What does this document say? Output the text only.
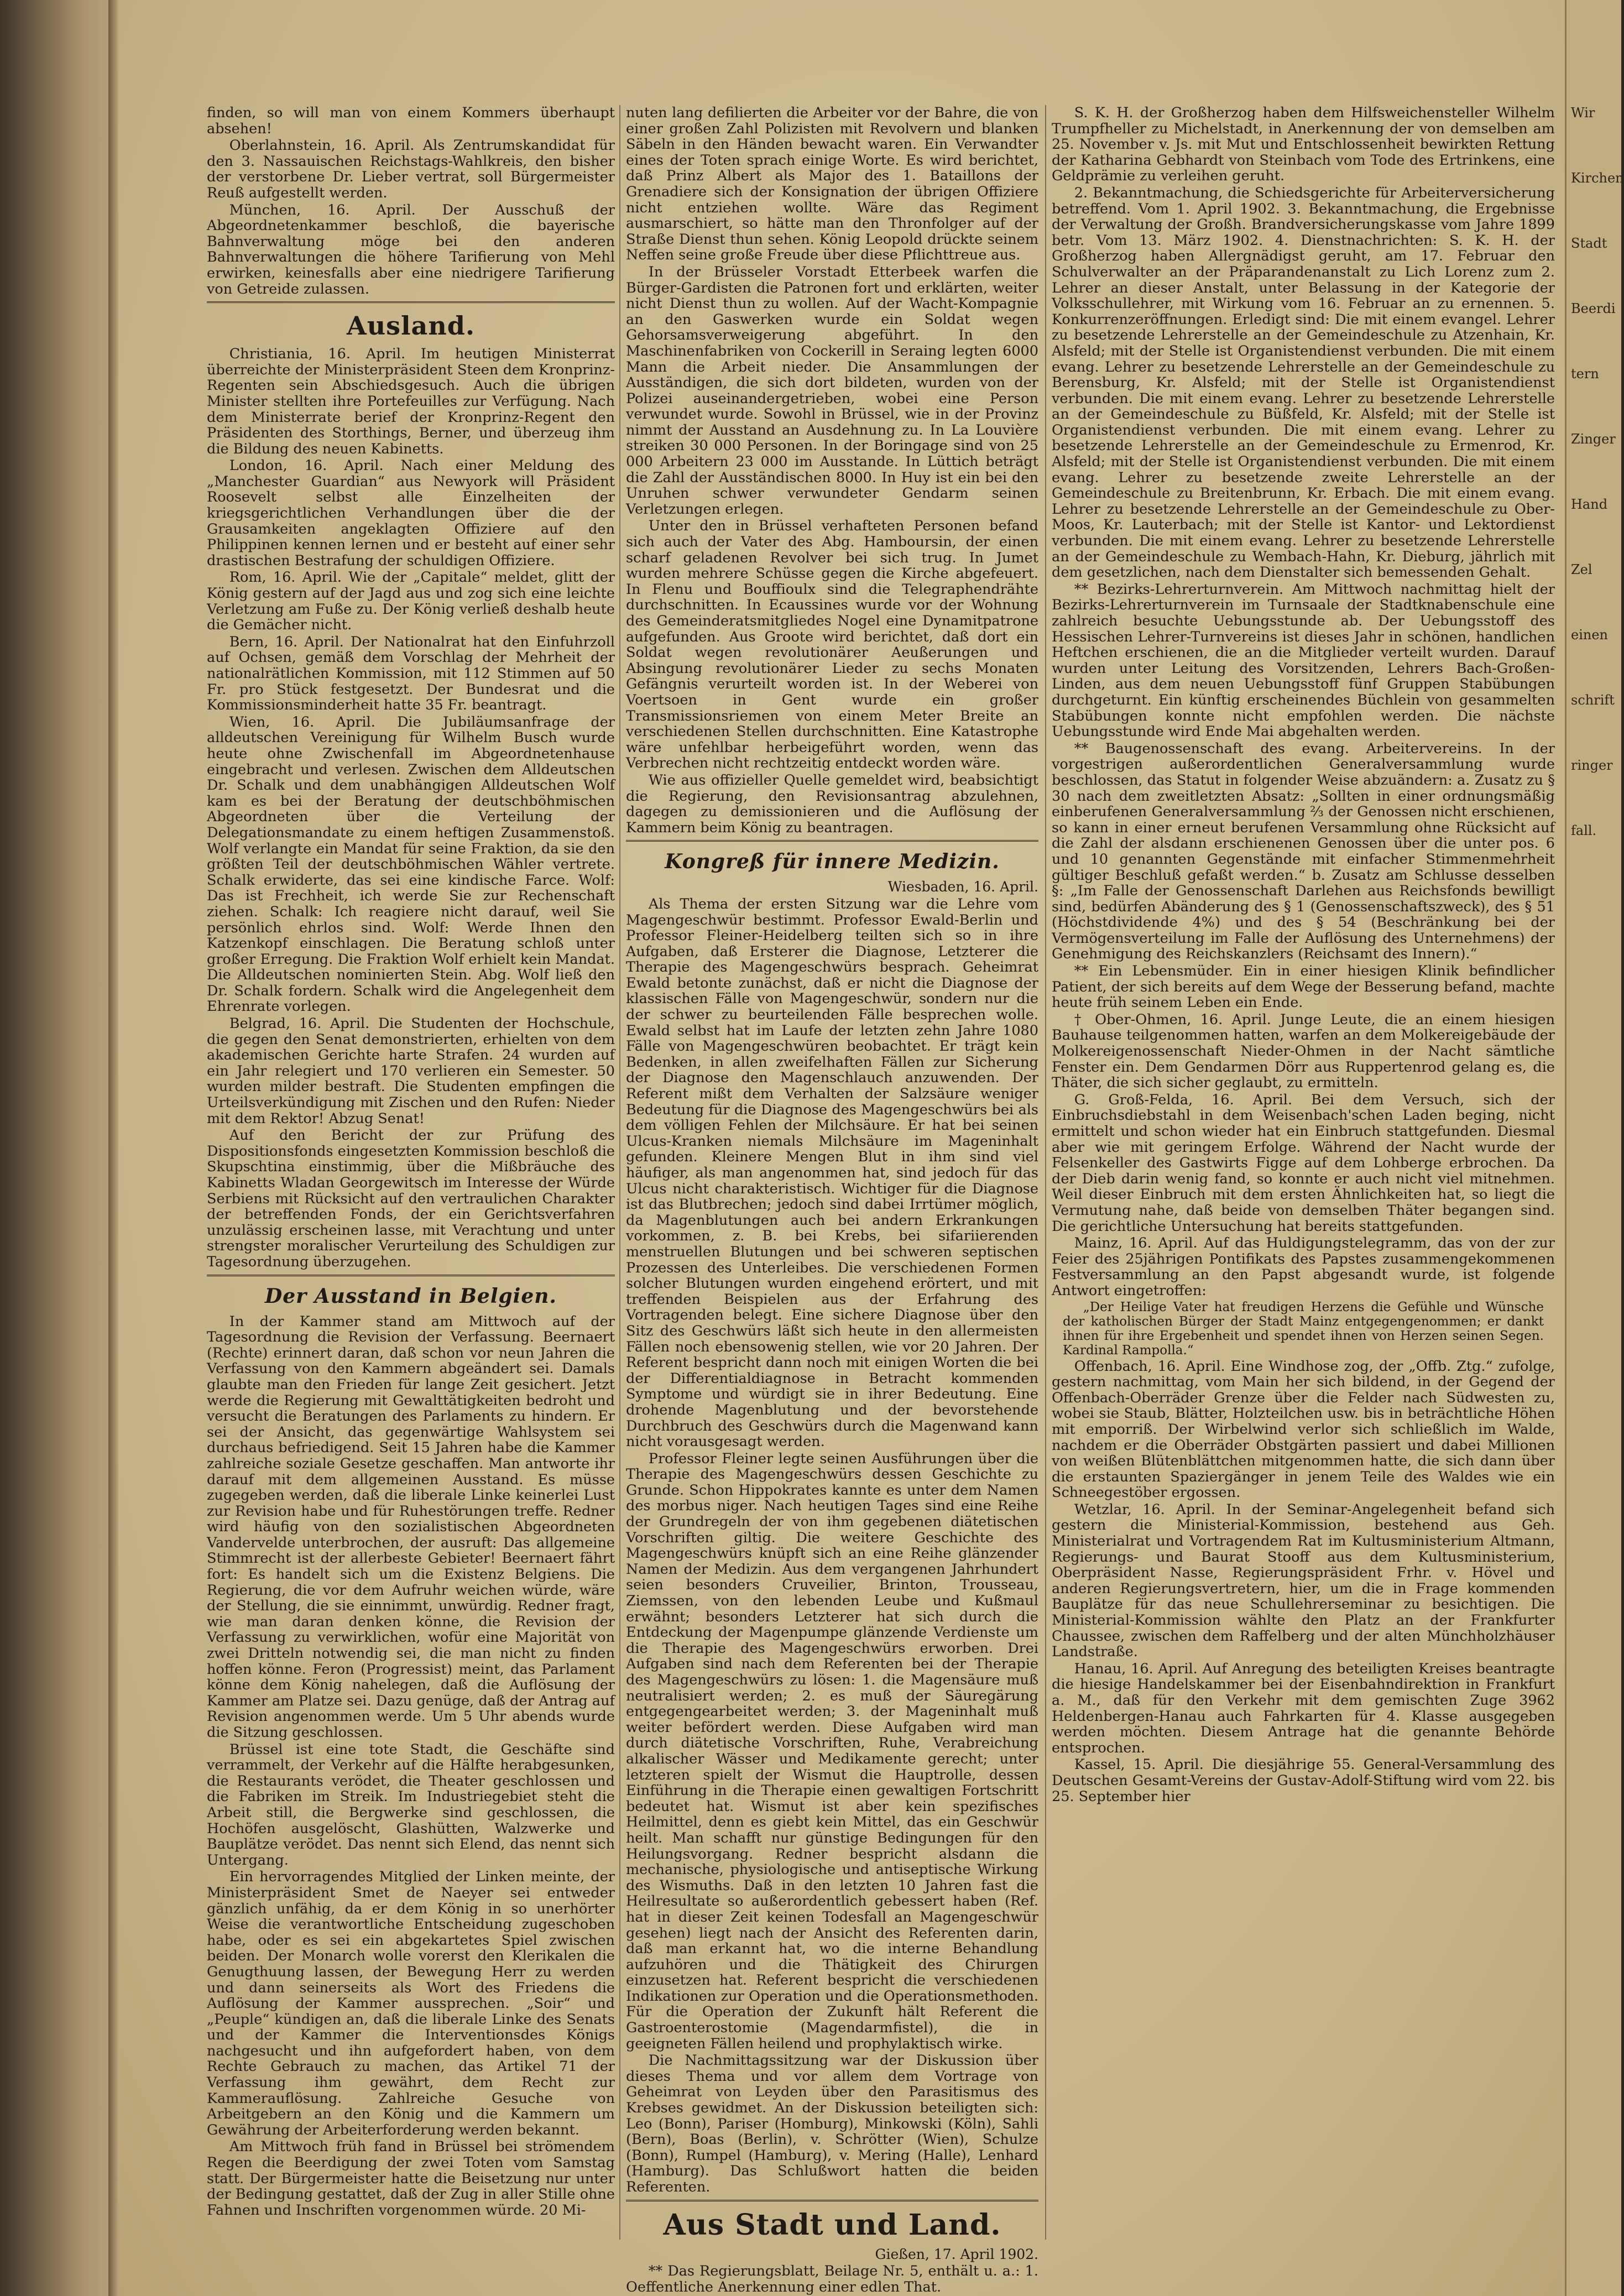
finden, so will man von einem Kommers überhaupt absehen!

Oberlahnstein, 16. April. Als Zentrumskandidat für den 3. Nassauischen Reichstags-Wahlkreis, den bisher der verstorbene Dr. Lieber vertrat, soll Bürgermeister Reuß aufgestellt werden.

München, 16. April. Der Ausschuß der Abgeordnetenkammer beschloß, die bayerische Bahnverwaltung möge bei den anderen Bahnverwaltungen die höhere Tarifierung von Mehl erwirken, keinesfalls aber eine niedrigere Tarifierung von Getreide zulassen.

Ausland.

Christiania, 16. April. Im heutigen Ministerrat überreichte der Ministerpräsident Steen dem Kronprinz-Regenten sein Abschiedsgesuch. Auch die übrigen Minister stellten ihre Portefeuilles zur Verfügung. Nach dem Ministerrate berief der Kronprinz-Regent den Präsidenten des Storthings, Berner, und überzeug ihm die Bildung des neuen Kabinetts.

London, 16. April. Nach einer Meldung des „Manchester Guardian“ aus Newyork will Präsident Roosevelt selbst alle Einzelheiten der kriegsgerichtlichen Verhandlungen über die der Grausamkeiten angeklagten Offiziere auf den Philippinen kennen lernen und er besteht auf einer sehr drastischen Bestrafung der schuldigen Offiziere.

Rom, 16. April. Wie der „Capitale“ meldet, glitt der König gestern auf der Jagd aus und zog sich eine leichte Verletzung am Fuße zu. Der König verließ deshalb heute die Gemächer nicht.

Bern, 16. April. Der Nationalrat hat den Einfuhrzoll auf Ochsen, gemäß dem Vorschlag der Mehrheit der nationalrätlichen Kommission, mit 112 Stimmen auf 50 Fr. pro Stück festgesetzt. Der Bundesrat und die Kommissionsminderheit hatte 35 Fr. beantragt.

Wien, 16. April. Die Jubiläumsanfrage der alldeutschen Vereinigung für Wilhelm Busch wurde heute ohne Zwischenfall im Abgeordnetenhause eingebracht und verlesen. Zwischen dem Alldeutschen Dr. Schalk und dem unabhängigen Alldeutschen Wolf kam es bei der Beratung der deutschböhmischen Abgeordneten über die Verteilung der Delegationsmandate zu einem heftigen Zusammenstoß. Wolf verlangte ein Mandat für seine Fraktion, da sie den größten Teil der deutschböhmischen Wähler vertrete. Schalk erwiderte, das sei eine kindische Farce. Wolf: Das ist Frechheit, ich werde Sie zur Rechenschaft ziehen. Schalk: Ich reagiere nicht darauf, weil Sie persönlich ehrlos sind. Wolf: Werde Ihnen den Katzenkopf einschlagen. Die Beratung schloß unter großer Erregung. Die Fraktion Wolf erhielt kein Mandat. Die Alldeutschen nominierten Stein. Abg. Wolf ließ den Dr. Schalk fordern. Schalk wird die Angelegenheit dem Ehrenrate vorlegen.

Belgrad, 16. April. Die Studenten der Hochschule, die gegen den Senat demonstrierten, erhielten von dem akademischen Gerichte harte Strafen. 24 wurden auf ein Jahr relegiert und 170 verlieren ein Semester. 50 wurden milder bestraft. Die Studenten empfingen die Urteilsverkündigung mit Zischen und den Rufen: Nieder mit dem Rektor! Abzug Senat!

Auf den Bericht der zur Prüfung des Dispositionsfonds eingesetzten Kommission beschloß die Skupschtina einstimmig, über die Mißbräuche des Kabinetts Wladan Georgewitsch im Interesse der Würde Serbiens mit Rücksicht auf den vertraulichen Charakter der betreffenden Fonds, der ein Gerichtsverfahren unzulässig erscheinen lasse, mit Verachtung und unter strengster moralischer Verurteilung des Schuldigen zur Tagesordnung überzugehen.

Der Ausstand in Belgien.

In der Kammer stand am Mittwoch auf der Tagesordnung die Revision der Verfassung. Beernaert (Rechte) erinnert daran, daß schon vor neun Jahren die Verfassung von den Kammern abgeändert sei. Damals glaubte man den Frieden für lange Zeit gesichert. Jetzt werde die Regierung mit Gewalttätigkeiten bedroht und versucht die Beratungen des Parlaments zu hindern. Er sei der Ansicht, das gegenwärtige Wahlsystem sei durchaus befriedigend. Seit 15 Jahren habe die Kammer zahlreiche soziale Gesetze geschaffen. Man antworte ihr darauf mit dem allgemeinen Ausstand. Es müsse zugegeben werden, daß die liberale Linke keinerlei Lust zur Revision habe und für Ruhestörungen treffe. Redner wird häufig von den sozialistischen Abgeordneten Vandervelde unterbrochen, der ausruft: Das allgemeine Stimmrecht ist der allerbeste Gebieter! Beernaert fährt fort: Es handelt sich um die Existenz Belgiens. Die Regierung, die vor dem Aufruhr weichen würde, wäre der Stellung, die sie einnimmt, unwürdig. Redner fragt, wie man daran denken könne, die Revision der Verfassung zu verwirklichen, wofür eine Majorität von zwei Dritteln notwendig sei, die man nicht zu finden hoffen könne. Feron (Progressist) meint, das Parlament könne dem König nahelegen, daß die Auflösung der Kammer am Platze sei. Dazu genüge, daß der Antrag auf Revision angenommen werde. Um 5 Uhr abends wurde die Sitzung geschlossen.

Brüssel ist eine tote Stadt, die Geschäfte sind verrammelt, der Verkehr auf die Hälfte herabgesunken, die Restaurants verödet, die Theater geschlossen und die Fabriken im Streik. Im Industriegebiet steht die Arbeit still, die Bergwerke sind geschlossen, die Hochöfen ausgelöscht, Glashütten, Walzwerke und Bauplätze verödet. Das nennt sich Elend, das nennt sich Untergang.

Ein hervorragendes Mitglied der Linken meinte, der Ministerpräsident Smet de Naeyer sei entweder gänzlich unfähig, da er dem König in so unerhörter Weise die verantwortliche Entscheidung zugeschoben habe, oder es sei ein abgekartetes Spiel zwischen beiden. Der Monarch wolle vorerst den Klerikalen die Genugthuung lassen, der Bewegung Herr zu werden und dann seinerseits als Wort des Friedens die Auflösung der Kammer aussprechen. „Soir“ und „Peuple“ kündigen an, daß die liberale Linke des Senats und der Kammer die Interventionsdes Königs nachgesucht und ihn aufgefordert haben, von dem Rechte Gebrauch zu machen, das Artikel 71 der Verfassung ihm gewährt, dem Recht zur Kammerauflösung. Zahlreiche Gesuche von Arbeitgebern an den König und die Kammern um Gewährung der Arbeiterforderung werden bekannt.

Am Mittwoch früh fand in Brüssel bei strömendem Regen die Beerdigung der zwei Toten vom Samstag statt. Der Bürgermeister hatte die Beisetzung nur unter der Bedingung gestattet, daß der Zug in aller Stille ohne Fahnen und Inschriften vorgenommen würde. 20 Mi-

nuten lang defilierten die Arbeiter vor der Bahre, die von einer großen Zahl Polizisten mit Revolvern und blanken Säbeln in den Händen bewacht waren. Ein Verwandter eines der Toten sprach einige Worte. Es wird berichtet, daß Prinz Albert als Major des 1. Bataillons der Grenadiere sich der Konsignation der übrigen Offiziere nicht entziehen wollte. Wäre das Regiment ausmarschiert, so hätte man den Thronfolger auf der Straße Dienst thun sehen. König Leopold drückte seinem Neffen seine große Freude über diese Pflichttreue aus.

In der Brüsseler Vorstadt Etterbeek warfen die Bürger-Gardisten die Patronen fort und erklärten, weiter nicht Dienst thun zu wollen. Auf der Wacht-Kompagnie an den Gaswerken wurde ein Soldat wegen Gehorsamsverweigerung abgeführt. In den Maschinenfabriken von Cockerill in Seraing legten 6000 Mann die Arbeit nieder. Die Ansammlungen der Ausständigen, die sich dort bildeten, wurden von der Polizei auseinandergetrieben, wobei eine Person verwundet wurde. Sowohl in Brüssel, wie in der Provinz nimmt der Ausstand an Ausdehnung zu. In La Louvière streiken 30 000 Personen. In der Boringage sind von 25 000 Arbeitern 23 000 im Ausstande. In Lüttich beträgt die Zahl der Ausständischen 8000. In Huy ist ein bei den Unruhen schwer verwundeter Gendarm seinen Verletzungen erlegen.

Unter den in Brüssel verhafteten Personen befand sich auch der Vater des Abg. Hamboursin, der einen scharf geladenen Revolver bei sich trug. In Jumet wurden mehrere Schüsse gegen die Kirche abgefeuert. In Flenu und Bouffioulx sind die Telegraphendrähte durchschnitten. In Ecaussines wurde vor der Wohnung des Gemeinderatsmitgliedes Nogel eine Dynamitpatrone aufgefunden. Aus Groote wird berichtet, daß dort ein Soldat wegen revolutionärer Aeußerungen und Absingung revolutionärer Lieder zu sechs Monaten Gefängnis verurteilt worden ist. In der Weberei von Voertsoen in Gent wurde ein großer Transmissionsriemen von einem Meter Breite an verschiedenen Stellen durchschnitten. Eine Katastrophe wäre unfehlbar herbeigeführt worden, wenn das Verbrechen nicht rechtzeitig entdeckt worden wäre.

Wie aus offizieller Quelle gemeldet wird, beabsichtigt die Regierung, den Revisionsantrag abzulehnen, dagegen zu demissionieren und die Auflösung der Kammern beim König zu beantragen.

Kongreß für innere Medizin.
Wiesbaden, 16. April.

Als Thema der ersten Sitzung war die Lehre vom Magengeschwür bestimmt. Professor Ewald-Berlin und Professor Fleiner-Heidelberg teilten sich so in ihre Aufgaben, daß Ersterer die Diagnose, Letzterer die Therapie des Magengeschwürs besprach. Geheimrat Ewald betonte zunächst, daß er nicht die Diagnose der klassischen Fälle von Magengeschwür, sondern nur die der schwer zu beurteilenden Fälle besprechen wolle. Ewald selbst hat im Laufe der letzten zehn Jahre 1080 Fälle von Magengeschwüren beobachtet. Er trägt kein Bedenken, in allen zweifelhaften Fällen zur Sicherung der Diagnose den Magenschlauch anzuwenden. Der Referent mißt dem Verhalten der Salzsäure weniger Bedeutung für die Diagnose des Magengeschwürs bei als dem völligen Fehlen der Milchsäure. Er hat bei seinen Ulcus-Kranken niemals Milchsäure im Mageninhalt gefunden. Kleinere Mengen Blut in ihm sind viel häufiger, als man angenommen hat, sind jedoch für das Ulcus nicht charakteristisch. Wichtiger für die Diagnose ist das Blutbrechen; jedoch sind dabei Irrtümer möglich, da Magenblutungen auch bei andern Erkrankungen vorkommen, z. B. bei Krebs, bei sifariierenden menstruellen Blutungen und bei schweren septischen Prozessen des Unterleibes. Die verschiedenen Formen solcher Blutungen wurden eingehend erörtert, und mit treffenden Beispielen aus der Erfahrung des Vortragenden belegt. Eine sichere Diagnose über den Sitz des Geschwürs läßt sich heute in den allermeisten Fällen noch ebensowenig stellen, wie vor 20 Jahren. Der Referent bespricht dann noch mit einigen Worten die bei der Differentialdiagnose in Betracht kommenden Symptome und würdigt sie in ihrer Bedeutung. Eine drohende Magenblutung und der bevorstehende Durchbruch des Geschwürs durch die Magenwand kann nicht vorausgesagt werden.

Professor Fleiner legte seinen Ausführungen über die Therapie des Magengeschwürs dessen Geschichte zu Grunde. Schon Hippokrates kannte es unter dem Namen des morbus niger. Nach heutigen Tages sind eine Reihe der Grundregeln der von ihm gegebenen diätetischen Vorschriften giltig. Die weitere Geschichte des Magengeschwürs knüpft sich an eine Reihe glänzender Namen der Medizin. Aus dem vergangenen Jahrhundert seien besonders Cruveilier, Brinton, Trousseau, Ziemssen, von den lebenden Leube und Kußmaul erwähnt; besonders Letzterer hat sich durch die Entdeckung der Magenpumpe glänzende Verdienste um die Therapie des Magengeschwürs erworben. Drei Aufgaben sind nach dem Referenten bei der Therapie des Magengeschwürs zu lösen: 1. die Magensäure muß neutralisiert werden; 2. es muß der Säuregärung entgegengearbeitet werden; 3. der Mageninhalt muß weiter befördert werden. Diese Aufgaben wird man durch diätetische Vorschriften, Ruhe, Verabreichung alkalischer Wässer und Medikamente gerecht; unter letzteren spielt der Wismut die Hauptrolle, dessen Einführung in die Therapie einen gewaltigen Fortschritt bedeutet hat. Wismut ist aber kein spezifisches Heilmittel, denn es giebt kein Mittel, das ein Geschwür heilt. Man schafft nur günstige Bedingungen für den Heilungsvorgang. Redner bespricht alsdann die mechanische, physiologische und antiseptische Wirkung des Wismuths. Daß in den letzten 10 Jahren fast die Heilresultate so außerordentlich gebessert haben (Ref. hat in dieser Zeit keinen Todesfall an Magengeschwür gesehen) liegt nach der Ansicht des Referenten darin, daß man erkannt hat, wo die interne Behandlung aufzuhören und die Thätigkeit des Chirurgen einzusetzen hat. Referent bespricht die verschiedenen Indikationen zur Operation und die Operationsmethoden. Für die Operation der Zukunft hält Referent die Gastroenterostomie (Magendarmfistel), die in geeigneten Fällen heilend und prophylaktisch wirke.

Die Nachmittagssitzung war der Diskussion über dieses Thema und vor allem dem Vortrage von Geheimrat von Leyden über den Parasitismus des Krebses gewidmet. An der Diskussion beteiligten sich: Leo (Bonn), Pariser (Homburg), Minkowski (Köln), Sahli (Bern), Boas (Berlin), v. Schrötter (Wien), Schulze (Bonn), Rumpel (Hamburg), v. Mering (Halle), Lenhard (Hamburg). Das Schlußwort hatten die beiden Referenten.

Aus Stadt und Land.
Gießen, 17. April 1902.

** Das Regierungsblatt, Beilage Nr. 5, enthält u. a.: 1. Oeffentliche Anerkennung einer edlen That.

S. K. H. der Großherzog haben dem Hilfsweichensteller Wilhelm Trumpfheller zu Michelstadt, in Anerkennung der von demselben am 25. November v. Js. mit Mut und Entschlossenheit bewirkten Rettung der Katharina Gebhardt von Steinbach vom Tode des Ertrinkens, eine Geldprämie zu verleihen geruht.

2. Bekanntmachung, die Schiedsgerichte für Arbeiterversicherung betreffend. Vom 1. April 1902. 3. Bekanntmachung, die Ergebnisse der Verwaltung der Großh. Brandversicherungskasse vom Jahre 1899 betr. Vom 13. März 1902. 4. Dienstnachrichten: S. K. H. der Großherzog haben Allergnädigst geruht, am 17. Februar den Schulverwalter an der Präparandenanstalt zu Lich Lorenz zum 2. Lehrer an dieser Anstalt, unter Belassung in der Kategorie der Volksschullehrer, mit Wirkung vom 16. Februar an zu ernennen. 5. Konkurrenzeröffnungen. Erledigt sind: Die mit einem evangel. Lehrer zu besetzende Lehrerstelle an der Gemeindeschule zu Atzenhain, Kr. Alsfeld; mit der Stelle ist Organistendienst verbunden. Die mit einem evang. Lehrer zu besetzende Lehrerstelle an der Gemeindeschule zu Berensburg, Kr. Alsfeld; mit der Stelle ist Organistendienst verbunden. Die mit einem evang. Lehrer zu besetzende Lehrerstelle an der Gemeindeschule zu Büßfeld, Kr. Alsfeld; mit der Stelle ist Organistendienst verbunden. Die mit einem evang. Lehrer zu besetzende Lehrerstelle an der Gemeindeschule zu Ermenrod, Kr. Alsfeld; mit der Stelle ist Organistendienst verbunden. Die mit einem evang. Lehrer zu besetzende zweite Lehrerstelle an der Gemeindeschule zu Breitenbrunn, Kr. Erbach. Die mit einem evang. Lehrer zu besetzende Lehrerstelle an der Gemeindeschule zu Ober-Moos, Kr. Lauterbach; mit der Stelle ist Kantor- und Lektordienst verbunden. Die mit einem evang. Lehrer zu besetzende Lehrerstelle an der Gemeindeschule zu Wembach-Hahn, Kr. Dieburg, jährlich mit dem gesetzlichen, nach dem Dienstalter sich bemessenden Gehalt.

** Bezirks-Lehrerturnverein. Am Mittwoch nachmittag hielt der Bezirks-Lehrerturnverein im Turnsaale der Stadtknabenschule eine zahlreich besuchte Uebungsstunde ab. Der Uebungsstoff des Hessischen Lehrer-Turnvereins ist dieses Jahr in schönen, handlichen Heftchen erschienen, die an die Mitglieder verteilt wurden. Darauf wurden unter Leitung des Vorsitzenden, Lehrers Bach-Großen-Linden, aus dem neuen Uebungsstoff fünf Gruppen Stabübungen durchgeturnt. Ein künftig erscheinendes Büchlein von gesammelten Stabübungen konnte nicht empfohlen werden. Die nächste Uebungsstunde wird Ende Mai abgehalten werden.

** Baugenossenschaft des evang. Arbeitervereins. In der vorgestrigen außerordentlichen Generalversammlung wurde beschlossen, das Statut in folgender Weise abzuändern: a. Zusatz zu § 30 nach dem zweitletzten Absatz: „Sollten in einer ordnungsmäßig einberufenen Generalversammlung ⅔ der Genossen nicht erschienen, so kann in einer erneut berufenen Versammlung ohne Rücksicht auf die Zahl der alsdann erschienenen Genossen über die unter pos. 6 und 10 genannten Gegenstände mit einfacher Stimmenmehrheit gültiger Beschluß gefaßt werden.“ b. Zusatz am Schlusse desselben §: „Im Falle der Genossenschaft Darlehen aus Reichsfonds bewilligt sind, bedürfen Abänderung des § 1 (Genossenschaftszweck), des § 51 (Höchstdividende 4%) und des § 54 (Beschränkung bei der Vermögensverteilung im Falle der Auflösung des Unternehmens) der Genehmigung des Reichskanzlers (Reichsamt des Innern).“

** Ein Lebensmüder. Ein in einer hiesigen Klinik befindlicher Patient, der sich bereits auf dem Wege der Besserung befand, machte heute früh seinem Leben ein Ende.

† Ober-Ohmen, 16. April. Junge Leute, die an einem hiesigen Bauhause teilgenommen hatten, warfen an dem Molkereigebäude der Molkereigenossenschaft Nieder-Ohmen in der Nacht sämtliche Fenster ein. Dem Gendarmen Dörr aus Ruppertenrod gelang es, die Thäter, die sich sicher geglaubt, zu ermitteln.

G. Groß-Felda, 16. April. Bei dem Versuch, sich der Einbruchsdiebstahl in dem Weisenbach'schen Laden beging, nicht ermittelt und schon wieder hat ein Einbruch stattgefunden. Diesmal aber wie mit geringem Erfolge. Während der Nacht wurde der Felsenkeller des Gastwirts Figge auf dem Lohberge erbrochen. Da der Dieb darin wenig fand, so konnte er auch nicht viel mitnehmen. Weil dieser Einbruch mit dem ersten Ähnlichkeiten hat, so liegt die Vermutung nahe, daß beide von demselben Thäter begangen sind. Die gerichtliche Untersuchung hat bereits stattgefunden.

Mainz, 16. April. Auf das Huldigungstelegramm, das von der zur Feier des 25jährigen Pontifikats des Papstes zusammengekommenen Festversammlung an den Papst abgesandt wurde, ist folgende Antwort eingetroffen:

„Der Heilige Vater hat freudigen Herzens die Gefühle und Wünsche der katholischen Bürger der Stadt Mainz entgegengenommen; er dankt ihnen für ihre Ergebenheit und spendet ihnen von Herzen seinen Segen. Kardinal Rampolla.“

Offenbach, 16. April. Eine Windhose zog, der „Offb. Ztg.“ zufolge, gestern nachmittag, vom Main her sich bildend, in der Gegend der Offenbach-Oberräder Grenze über die Felder nach Südwesten zu, wobei sie Staub, Blätter, Holzteilchen usw. bis in beträchtliche Höhen mit emporriß. Der Wirbelwind verlor sich schließlich im Walde, nachdem er die Oberräder Obstgärten passiert und dabei Millionen von weißen Blütenblättchen mitgenommen hatte, die sich dann über die erstaunten Spaziergänger in jenem Teile des Waldes wie ein Schneegestöber ergossen.

Wetzlar, 16. April. In der Seminar-Angelegenheit befand sich gestern die Ministerial-Kommission, bestehend aus Geh. Ministerialrat und Vortragendem Rat im Kultusministerium Altmann, Regierungs- und Baurat Stooff aus dem Kultusministerium, Oberpräsident Nasse, Regierungspräsident Frhr. v. Hövel und anderen Regierungsvertretern, hier, um die in Frage kommenden Bauplätze für das neue Schullehrerseminar zu besichtigen. Die Ministerial-Kommission wählte den Platz an der Frankfurter Chaussee, zwischen dem Raffelberg und der alten Münchholzhäuser Landstraße.

Hanau, 16. April. Auf Anregung des beteiligten Kreises beantragte die hiesige Handelskammer bei der Eisenbahndirektion in Frankfurt a. M., daß für den Verkehr mit dem gemischten Zuge 3962 Heldenbergen-Hanau auch Fahrkarten für 4. Klasse ausgegeben werden möchten. Diesem Antrage hat die genannte Behörde entsprochen.

Kassel, 15. April. Die diesjährige 55. General-Versammlung des Deutschen Gesamt-Vereins der Gustav-Adolf-Stiftung wird vom 22. bis 25. September hier

Wir
Kirchen
Stadt
Beerdi
tern
Zinger
Hand
Zel
einen
schrift
ringer
fall.
